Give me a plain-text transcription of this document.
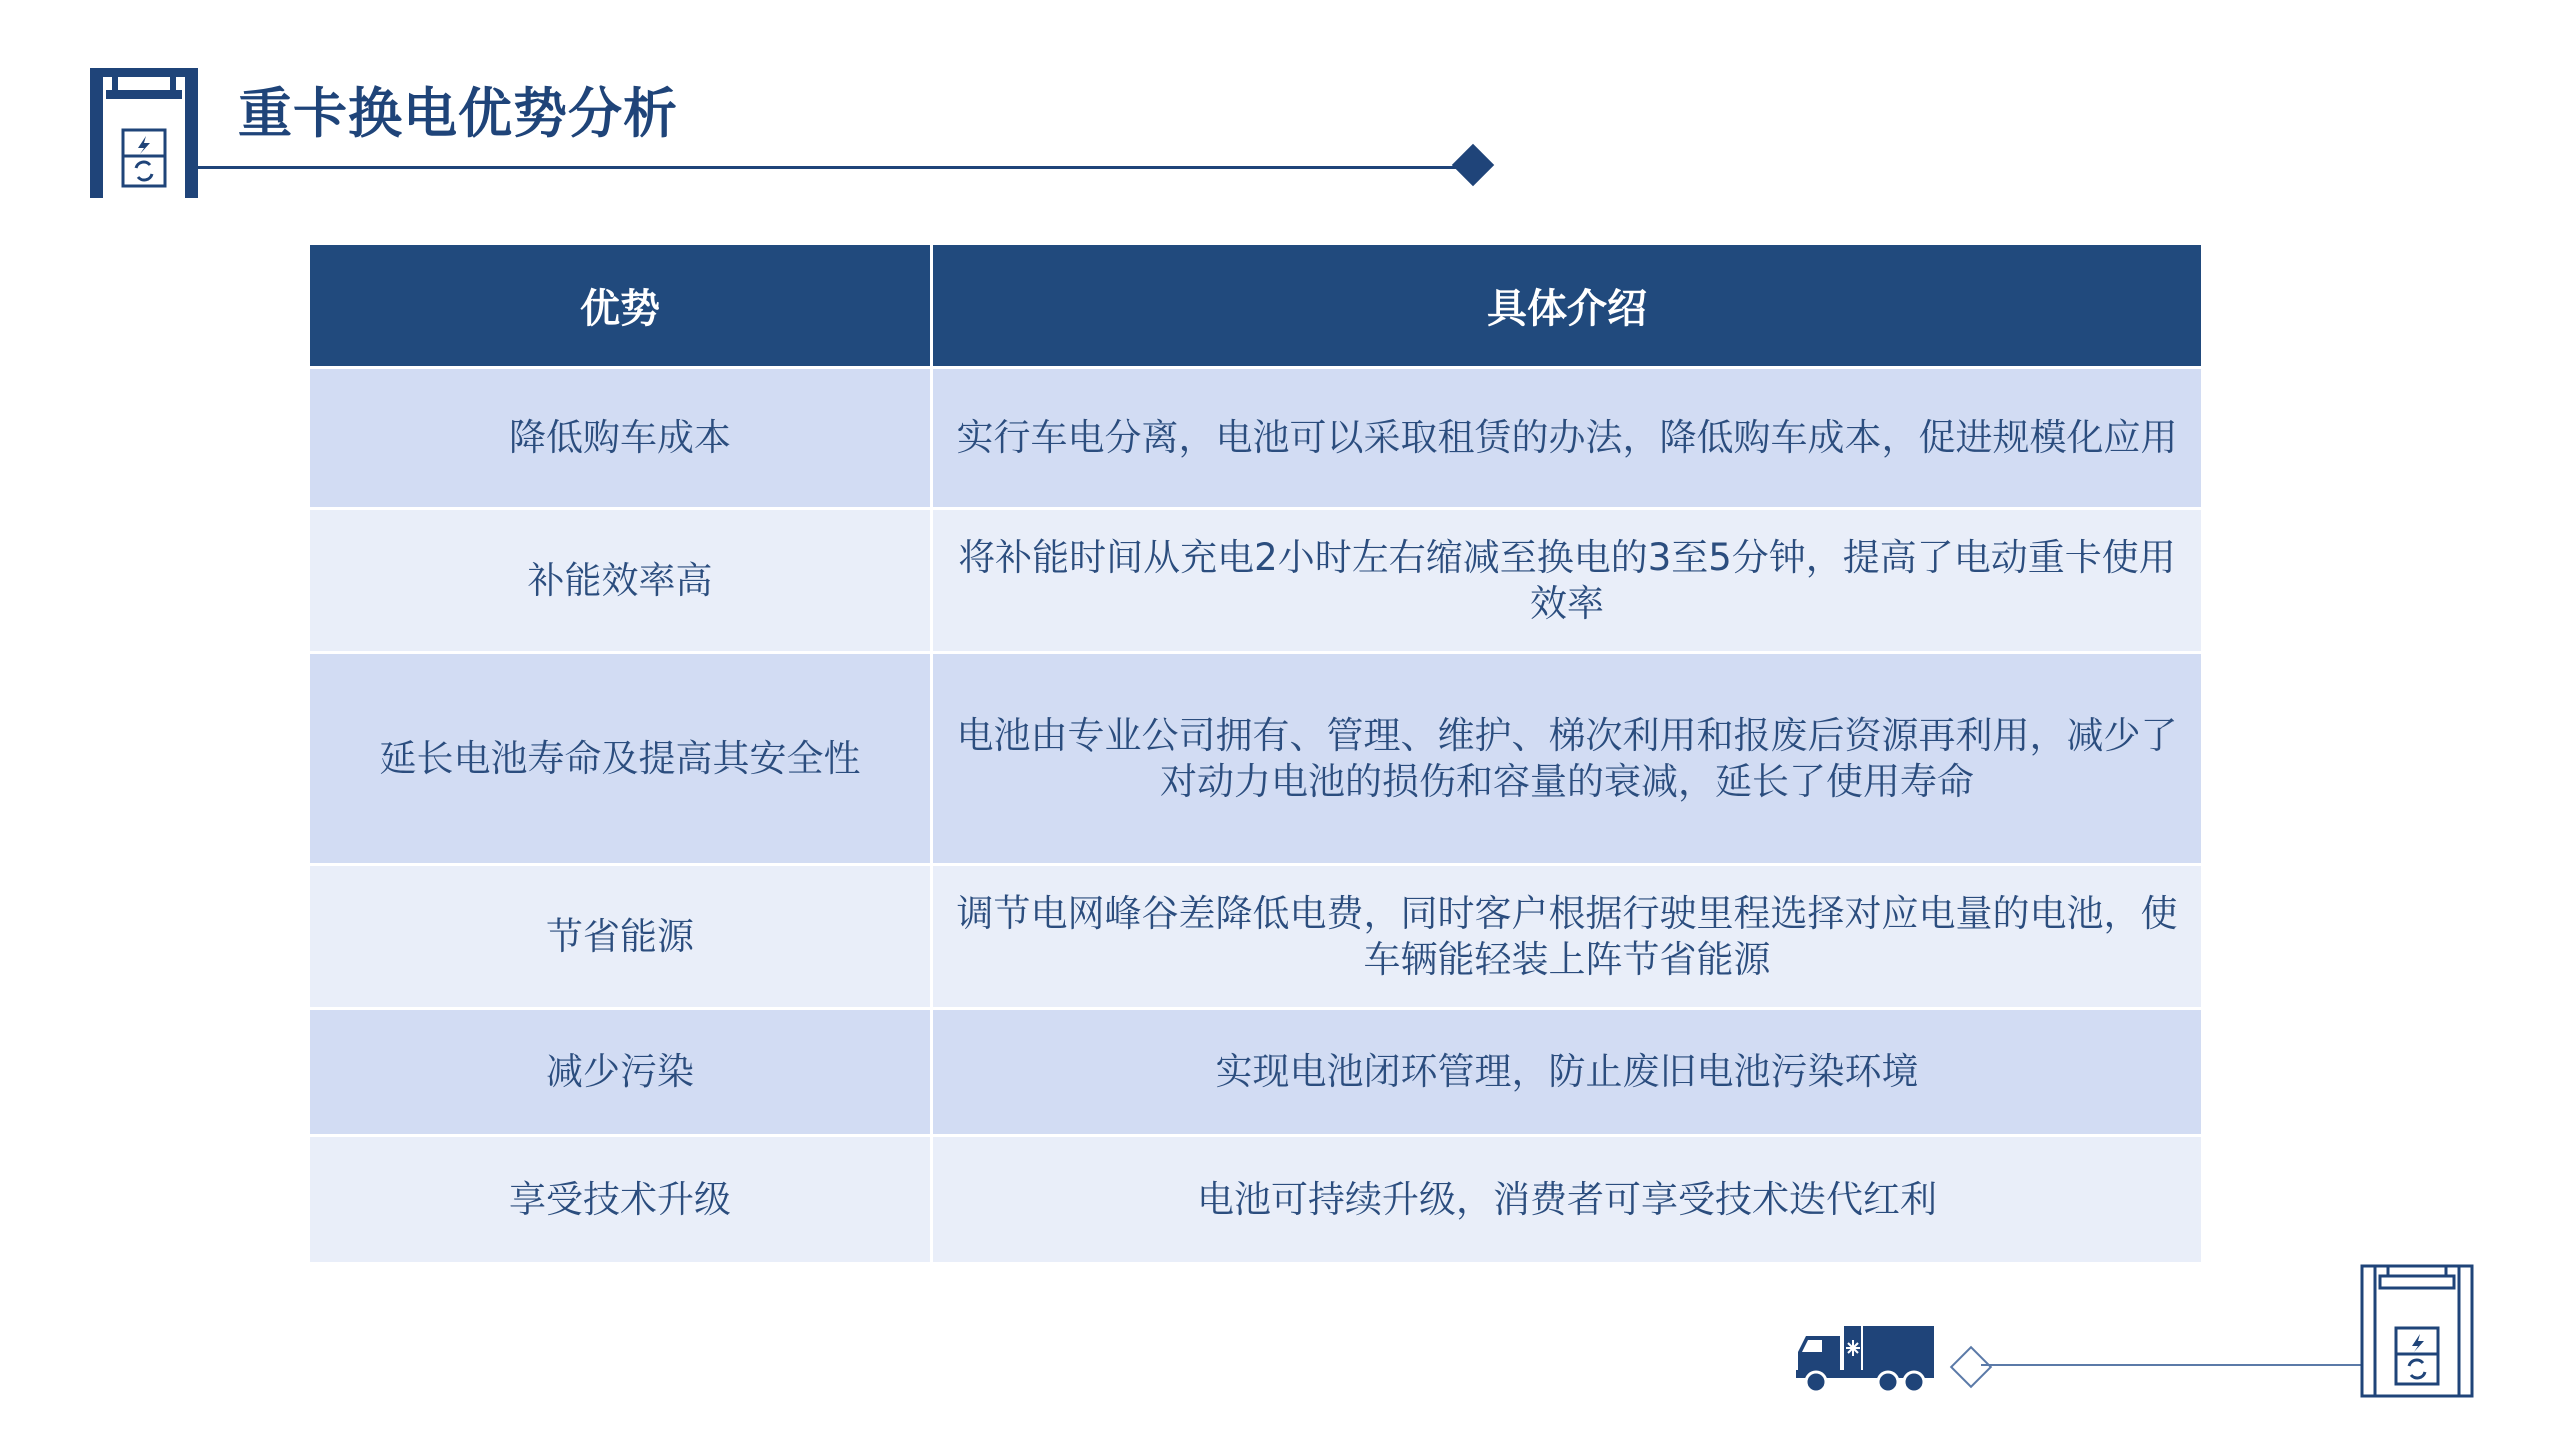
重卡换电优势分析
优势	具体介绍
降低购车成本	实行车电分离，电池可以采取租赁的办法，降低购车成本，促进规模化应用
补能效率高	将补能时间从充电2小时左右缩减至换电的3至5分钟，提高了电动重卡使用效率
延长电池寿命及提高其安全性	电池由专业公司拥有、管理、维护、梯次利用和报废后资源再利用，减少了对动力电池的损伤和容量的衰减，延长了使用寿命
节省能源	调节电网峰谷差降低电费，同时客户根据行驶里程选择对应电量的电池，使车辆能轻装上阵节省能源
减少污染	实现电池闭环管理，防止废旧电池污染环境
享受技术升级	电池可持续升级，消费者可享受技术迭代红利
